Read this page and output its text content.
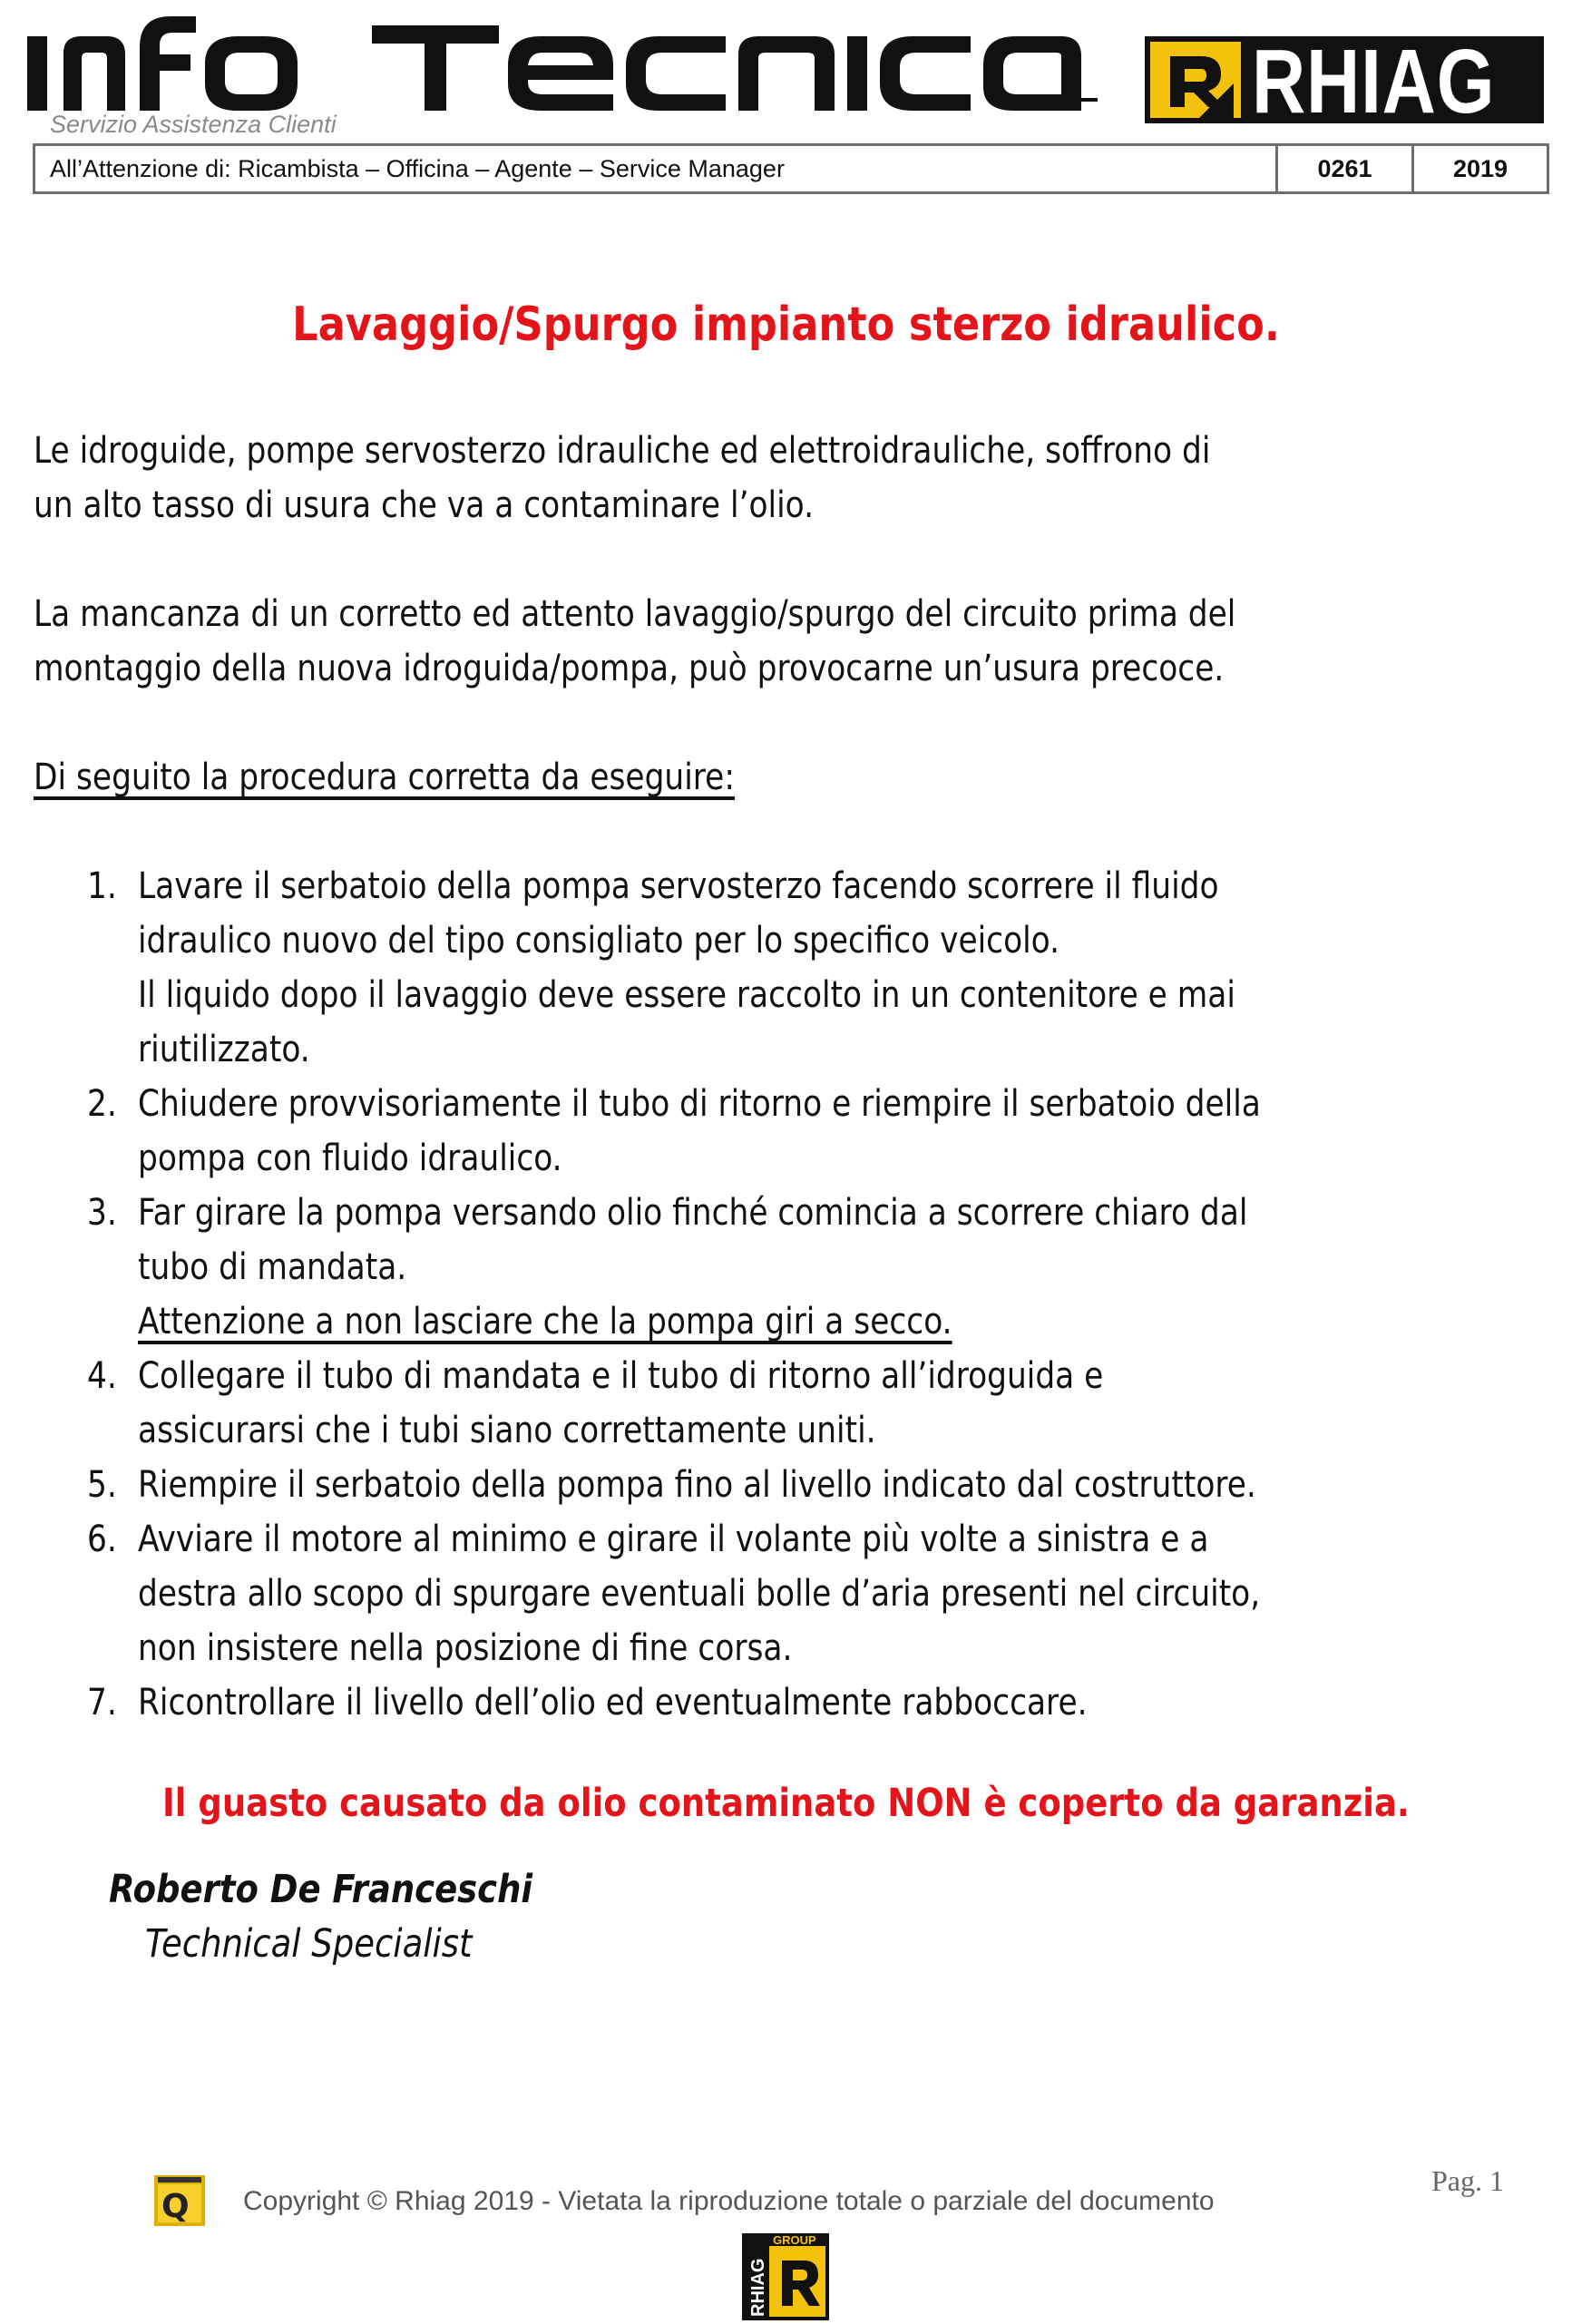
Servizio Assistenza Clienti	RHIAG
All’Attenzione di: Ricambista – Officina – Agente – Service Manager	0261	2019
Lavaggio/Spurgo impianto sterzo idraulico.
Le idroguide, pompe servosterzo idrauliche ed elettroidrauliche, soffrono di
un alto tasso di usura che va a contaminare l’olio.
La mancanza di un corretto ed attento lavaggio/spurgo del circuito prima del
montaggio della nuova idroguida/pompa, può provocarne un’usura precoce.
Di seguito la procedura corretta da eseguire:
1. Lavare il serbatoio della pompa servosterzo facendo scorrere il fluido
idraulico nuovo del tipo consigliato per lo specifico veicolo.
Il liquido dopo il lavaggio deve essere raccolto in un contenitore e mai
riutilizzato.
2. Chiudere provvisoriamente il tubo di ritorno e riempire il serbatoio della
pompa con fluido idraulico.
3. Far girare la pompa versando olio finché comincia a scorrere chiaro dal
tubo di mandata.
Attenzione a non lasciare che la pompa giri a secco.
4. Collegare il tubo di mandata e il tubo di ritorno all’idroguida e
assicurarsi che i tubi siano correttamente uniti.
5. Riempire il serbatoio della pompa fino al livello indicato dal costruttore.
6. Avviare il motore al minimo e girare il volante più volte a sinistra e a
destra allo scopo di spurgare eventuali bolle d’aria presenti nel circuito,
non insistere nella posizione di fine corsa.
7. Ricontrollare il livello dell’olio ed eventualmente rabboccare.
Il guasto causato da olio contaminato NON è coperto da garanzia.
Roberto De Franceschi
Technical Specialist
Q Copyright © Rhiag 2019 - Vietata la riproduzione totale o parziale del documento
Pag. 1
GROUP
RHIAG
